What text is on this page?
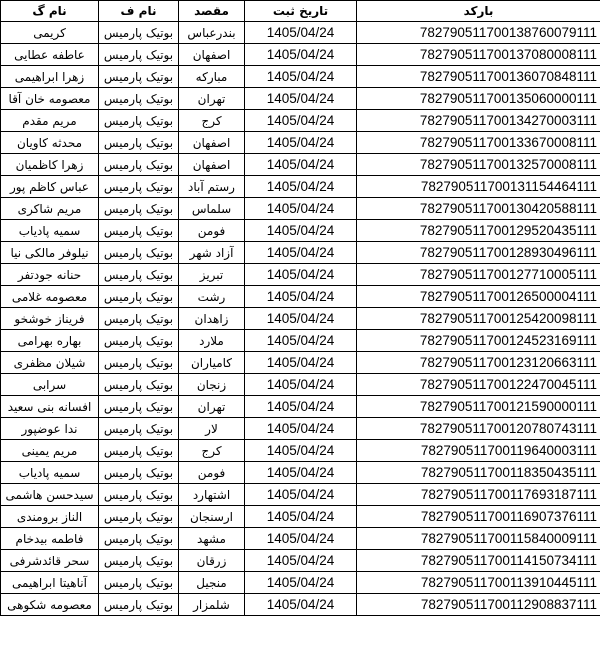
بارکد	تاریخ ثبت	مقصد	نام ف	نام گ
782790511700138760079111	1405/04/24	بندرعباس	بوتیک پارمیس	کریمی
782790511700137080008111	1405/04/24	اصفهان	بوتیک پارمیس	عاطفه عطایی
782790511700136070848111	1405/04/24	مبارکه	بوتیک پارمیس	زهرا ابراهیمی
782790511700135060000111	1405/04/24	تهران	بوتیک پارمیس	معصومه خان آقا
782790511700134270003111	1405/04/24	کرج	بوتیک پارمیس	مریم مقدم
782790511700133670008111	1405/04/24	اصفهان	بوتیک پارمیس	محدثه کاویان
782790511700132570008111	1405/04/24	اصفهان	بوتیک پارمیس	زهرا کاظمیان
782790511700131154464111	1405/04/24	رستم آباد	بوتیک پارمیس	عباس کاظم پور
782790511700130420588111	1405/04/24	سلماس	بوتیک پارمیس	مریم شاکری
782790511700129520435111	1405/04/24	فومن	بوتیک پارمیس	سمیه پادیاب
782790511700128930496111	1405/04/24	آزاد شهر	بوتیک پارمیس	نیلوفر مالکی نیا
782790511700127710005111	1405/04/24	تبریز	بوتیک پارمیس	حنانه جودتفر
782790511700126500004111	1405/04/24	رشت	بوتیک پارمیس	معصومه غلامی
782790511700125420098111	1405/04/24	زاهدان	بوتیک پارمیس	فریناز خوشخو
782790511700124523169111	1405/04/24	ملارد	بوتیک پارمیس	بهاره بهرامی
782790511700123120663111	1405/04/24	کامیاران	بوتیک پارمیس	شیلان مظفری
782790511700122470045111	1405/04/24	زنجان	بوتیک پارمیس	سرابی
782790511700121590000111	1405/04/24	تهران	بوتیک پارمیس	افسانه بنی سعید
782790511700120780743111	1405/04/24	لار	بوتیک پارمیس	ندا عوضپور
782790511700119640003111	1405/04/24	کرج	بوتیک پارمیس	مریم یمینی
782790511700118350435111	1405/04/24	فومن	بوتیک پارمیس	سمیه پادیاب
782790511700117693187111	1405/04/24	اشتهارد	بوتیک پارمیس	سیدحسن هاشمی
782790511700116907376111	1405/04/24	ارسنجان	بوتیک پارمیس	الناز برومندی
782790511700115840009111	1405/04/24	مشهد	بوتیک پارمیس	فاطمه بیدخام
782790511700114150734111	1405/04/24	زرقان	بوتیک پارمیس	سحر قائدشرفی
782790511700113910445111	1405/04/24	منجیل	بوتیک پارمیس	آناهیتا ابراهیمی
782790511700112908837111	1405/04/24	شلمزار	بوتیک پارمیس	معصومه شکوهی
